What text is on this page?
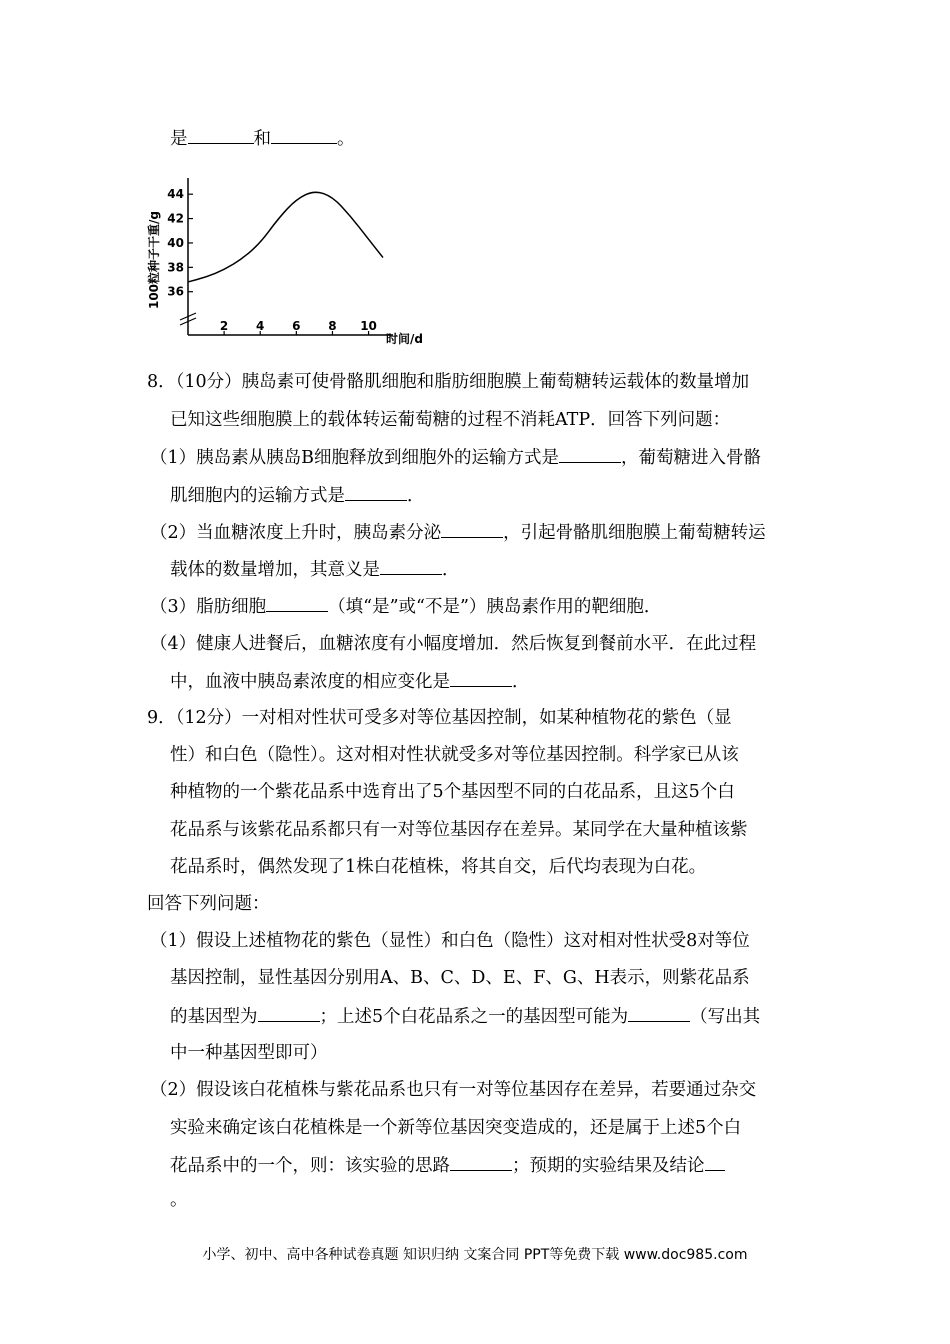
是	和	。
36
38
40
42
44
2 4 6 8 10
时间/d
100粒种子干重/g
8．（10分）胰岛素可使骨骼肌细胞和脂肪细胞膜上葡萄糖转运载体的数量增加
已知这些细胞膜上的载体转运葡萄糖的过程不消耗ATP．回答下列问题：
（1）胰岛素从胰岛B细胞释放到细胞外的运输方式是	，葡萄糖进入骨骼
肌细胞内的运输方式是	．
（2）当血糖浓度上升时，胰岛素分泌	，引起骨骼肌细胞膜上葡萄糖转运
载体的数量增加，其意义是	．
（3）脂肪细胞	（填“是”或“不是”）胰岛素作用的靶细胞．
（4）健康人进餐后，血糖浓度有小幅度增加．然后恢复到餐前水平．在此过程
中，血液中胰岛素浓度的相应变化是	．
9．（12分）一对相对性状可受多对等位基因控制，如某种植物花的紫色（显
性）和白色（隐性）。这对相对性状就受多对等位基因控制。科学家已从该
种植物的一个紫花品系中选育出了5个基因型不同的白花品系，且这5个白
花品系与该紫花品系都只有一对等位基因存在差异。某同学在大量种植该紫
花品系时，偶然发现了1株白花植株，将其自交，后代均表现为白花。
回答下列问题：
（1）假设上述植物花的紫色（显性）和白色（隐性）这对相对性状受8对等位
基因控制，显性基因分别用A、B、C、D、E、F、G、H表示，则紫花品系
的基因型为	；上述5个白花品系之一的基因型可能为	（写出其
中一种基因型即可）
（2）假设该白花植株与紫花品系也只有一对等位基因存在差异，若要通过杂交
实验来确定该白花植株是一个新等位基因突变造成的，还是属于上述5个白
花品系中的一个，则：该实验的思路	；预期的实验结果及结论
。
小学、初中、高中各种试卷真题 知识归纳 文案合同 PPT等免费下载 www.doc985.com
